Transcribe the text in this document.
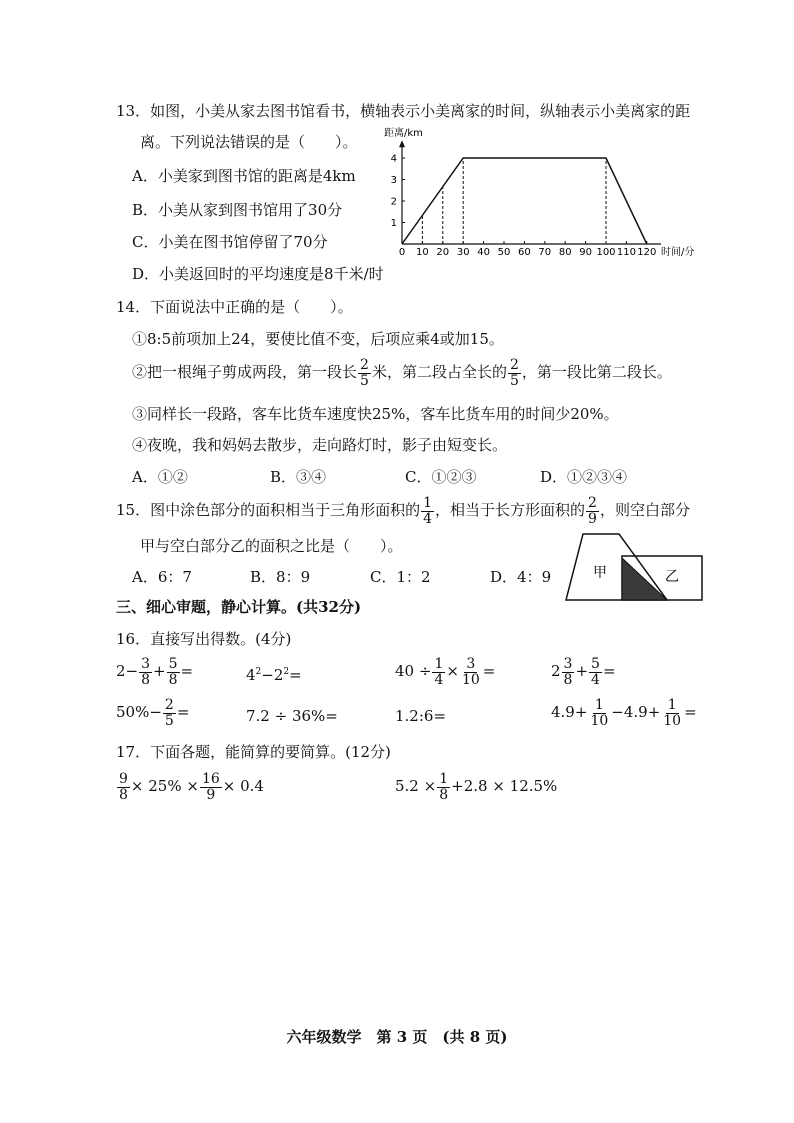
13．如图，小美从家去图书馆看书，横轴表示小美离家的时间，纵轴表示小美离家的距
离。下列说法错误的是（　　）。
A．小美家到图书馆的距离是4km
B．小美从家到图书馆用了30分
C．小美在图书馆停留了70分
D．小美返回时的平均速度是8千米/时
距离/km
时间/分
0 10 20 30 40 50 60 70 80 90 100 110 120
1
2
3
4
14．下面说法中正确的是（　　）。
①8:5前项加上24，要使比值不变，后项应乘4或加15。
②把一根绳子剪成两段，第一段长 $\frac{2}{5}$ 米，第二段占全长的 $\frac{2}{5}$ ，第一段比第二段长。
③同样长一段路，客车比货车速度快25%，客车比货车用的时间少20%。
④夜晚，我和妈妈去散步，走向路灯时，影子由短变长。
A．①②	B．③④	C．①②③	D．①②③④
15．图中涂色部分的面积相当于三角形面积的 $\frac{1}{4}$ ，相当于长方形面积的 $\frac{2}{9}$ ，则空白部分
甲与空白部分乙的面积之比是（　　）。
A．6：7	B．8：9	C．1：2	D．4：9	甲	乙
三、细心审题，静心计算。(共32分)
16．直接写出得数。(4分)
$2- \frac{3}{8} + \frac{5}{8}$ =	$4^2-2^2=$	$40 \div \frac{1}{4} \times \frac{3}{10}$ =	$2 \frac{3}{8} + \frac{5}{4}$ =
$50\%- \frac{2}{5}$ =	7.2 ÷ 36%=	1.2:6=	$4.9+ \frac{1}{10} -4.9+ \frac{1}{10}$ =
17．下面各题，能简算的要简算。(12分)
$\frac{9}{8} \times 25\% \times \frac{16}{9} \times 0.4$	$5.2 \times \frac{1}{8} +2.8 \times 12.5\%$
六年级数学　第 3 页　(共 8 页)
